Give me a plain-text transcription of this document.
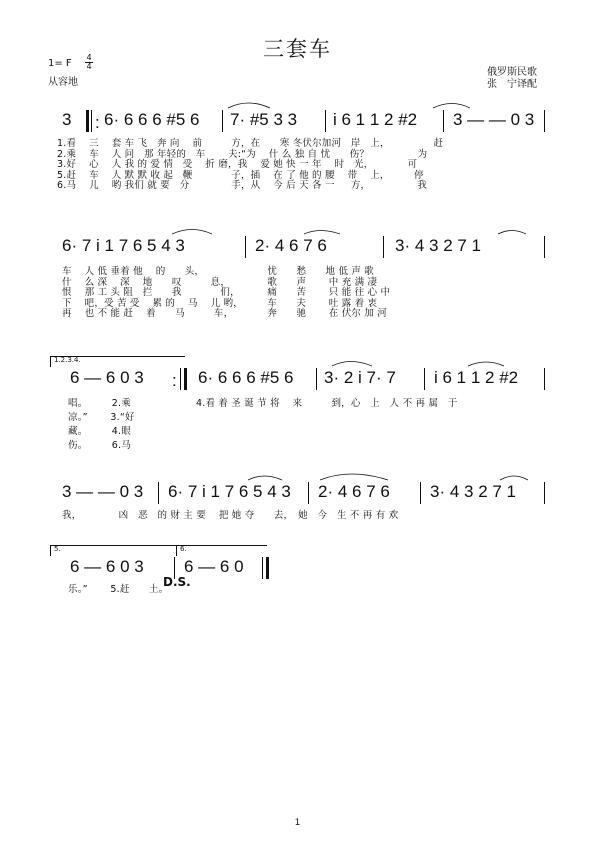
三套车
1= F
4
4
从容地
俄罗斯民歌
张　宁译配
3 : 6· 6 6 6 #5 6 7· #5 3 3 i 6 1 1 2 #2 3 — — 0 3
1.看　 三 　套 车 飞　奔 向 　前　　　方，在　　寒 冬伏尔加河　岸　上，　　　　　赶
2.乘 　车 　人 问　那 年轻的　车 　　夫:“为　 什 么 独 自 忧　　伤？　　　　　为
3.好　 心　 人 我 的 爱 情　受 　折 磨，我 　爱 她 快 一 年 　时　光，　　　　可
5.赶 　车　 人 默 默 收 起　鞭　　　　子，插 　在 了 他 的 腰 　带　 上，　　　停
6.马　 儿　 哟 我们 就 要　分 　　　　手，从 　今 后 天 各 一 　 方，　　　　　 我
6· 7 i 1 7 6 5 4 3	2· 4 6 7 6	3· 4 3 2 7 1
车　 人 低 垂着 他 　的　　头，　　　　　　　忧　　愁　　地 低 声 歌
什　 么 深　 深 　地　　叹　　　息，　　　　 歌　　声　　 中 充 满 凄
恨 　那 工 头 阻　拦　　我　　　　们，　　　 痛　　苦　　 只 能 往 心 中
下　 吧，受 苦 受　 累 的　 马　 儿 哟，　　　车　　夫　 　吐 露 着 衷
再 　也 不 能 赶　 着　　马　　　车，　　　　奔　　驰　　 在 伏尔 加 河
1.2.3.4.
6 — 6 0 3 : 6· 6 6 6 #5 6 3· 2 i 7· 7 i 6 1 1 2 #2
唱。　　　2.乘
凉。”　　 3.“好
藏。　　　4.眼
伤。　　　6.马
4.看 着 圣 诞 节 将 　来　　　到，心　上　人 不 再 属　于
3 — — 0 3 6· 7 i 1 7 6 5 4 3 2· 4 6 7 6 3· 4 3 2 7 1
我，　　　　 凶　恶　的 财 主 要 　把 她 夺　　去，　她　今　生 不 再 有 欢
5.	6.
6 — 6 0 3 6 — 6 0
D.S.
乐。”　 　5.赶　　土。
1
